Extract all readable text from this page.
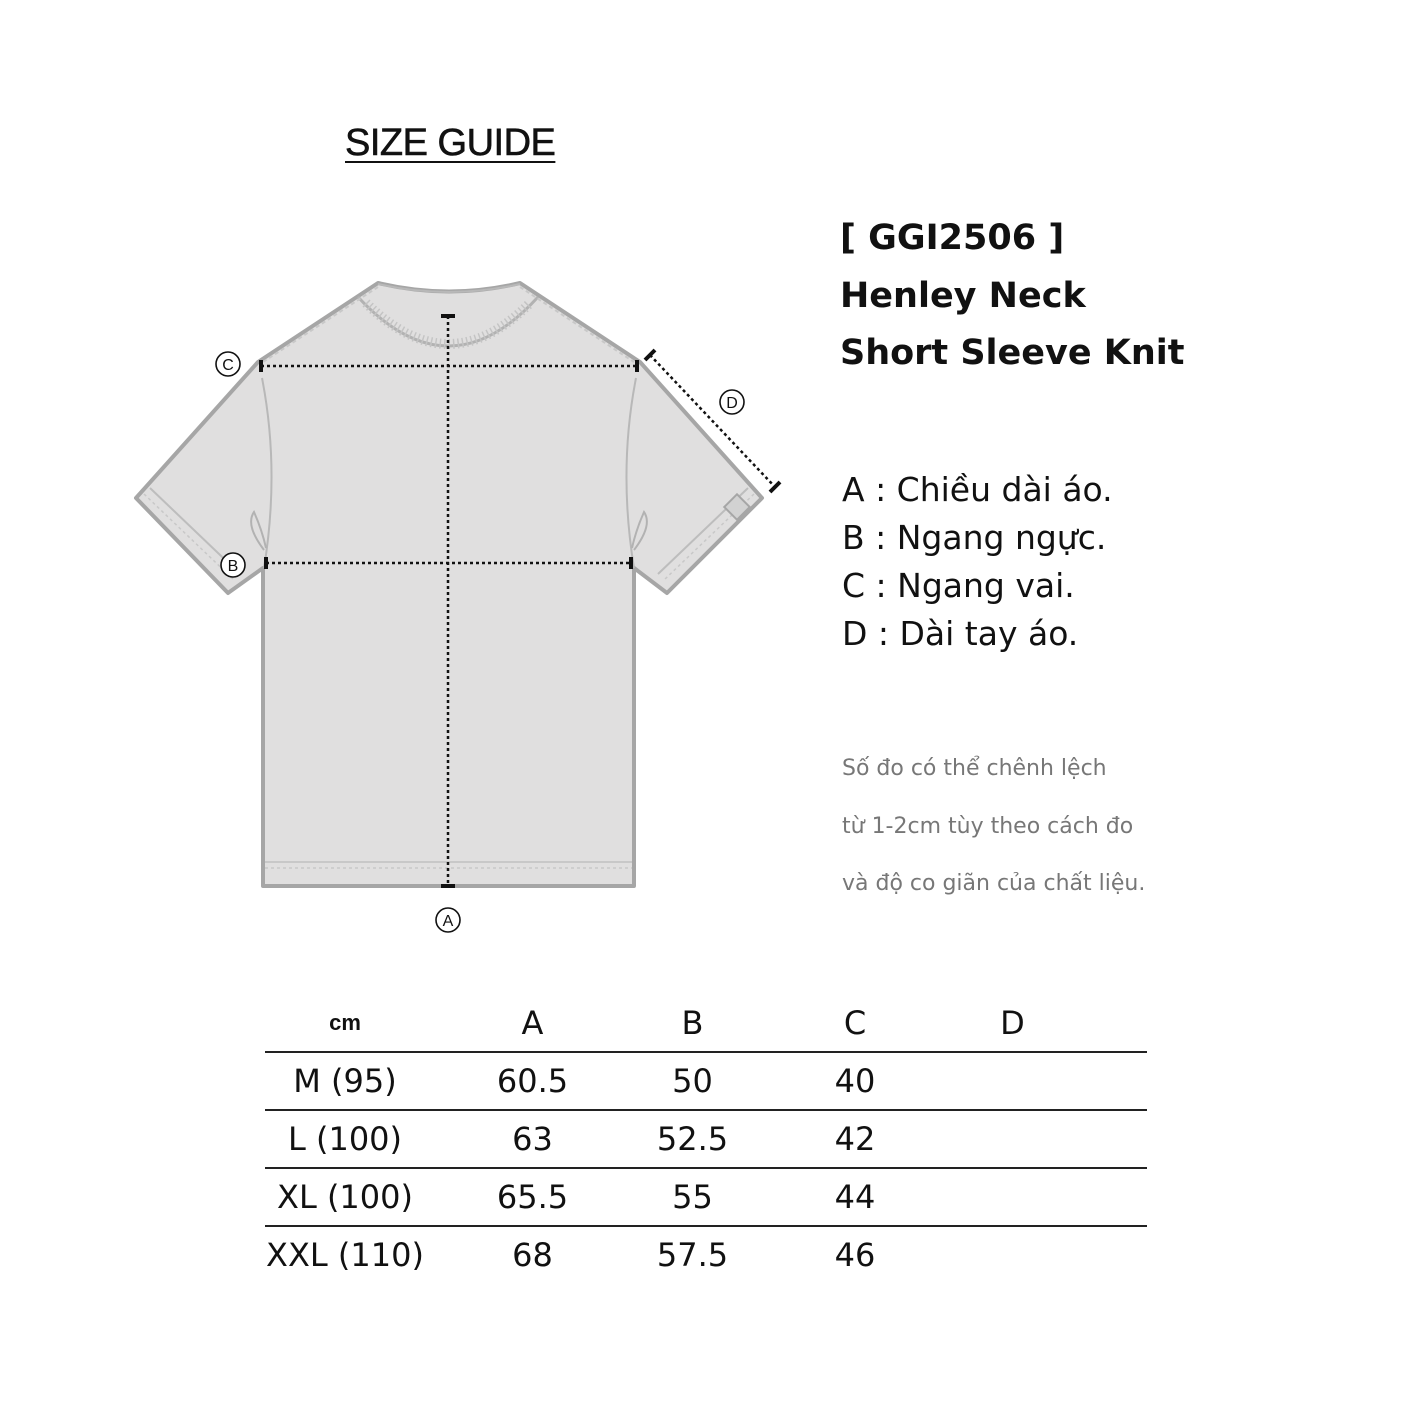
SIZE GUIDE
C
D
B
A
[ GGI2506 ]
Henley Neck
Short Sleeve Knit
A : Chiều dài áo.
B : Ngang ngực.
C : Ngang vai.
D : Dài tay áo.
Số đo có thể chênh lệch
từ 1-2cm tùy theo cách đo
và độ co giãn của chất liệu.
cm	A	B	C	D	
M (95)	60.5	50	40		
L (100)	63	52.5	42		
XL (100)	65.5	55	44		
XXL (110)	68	57.5	46		
